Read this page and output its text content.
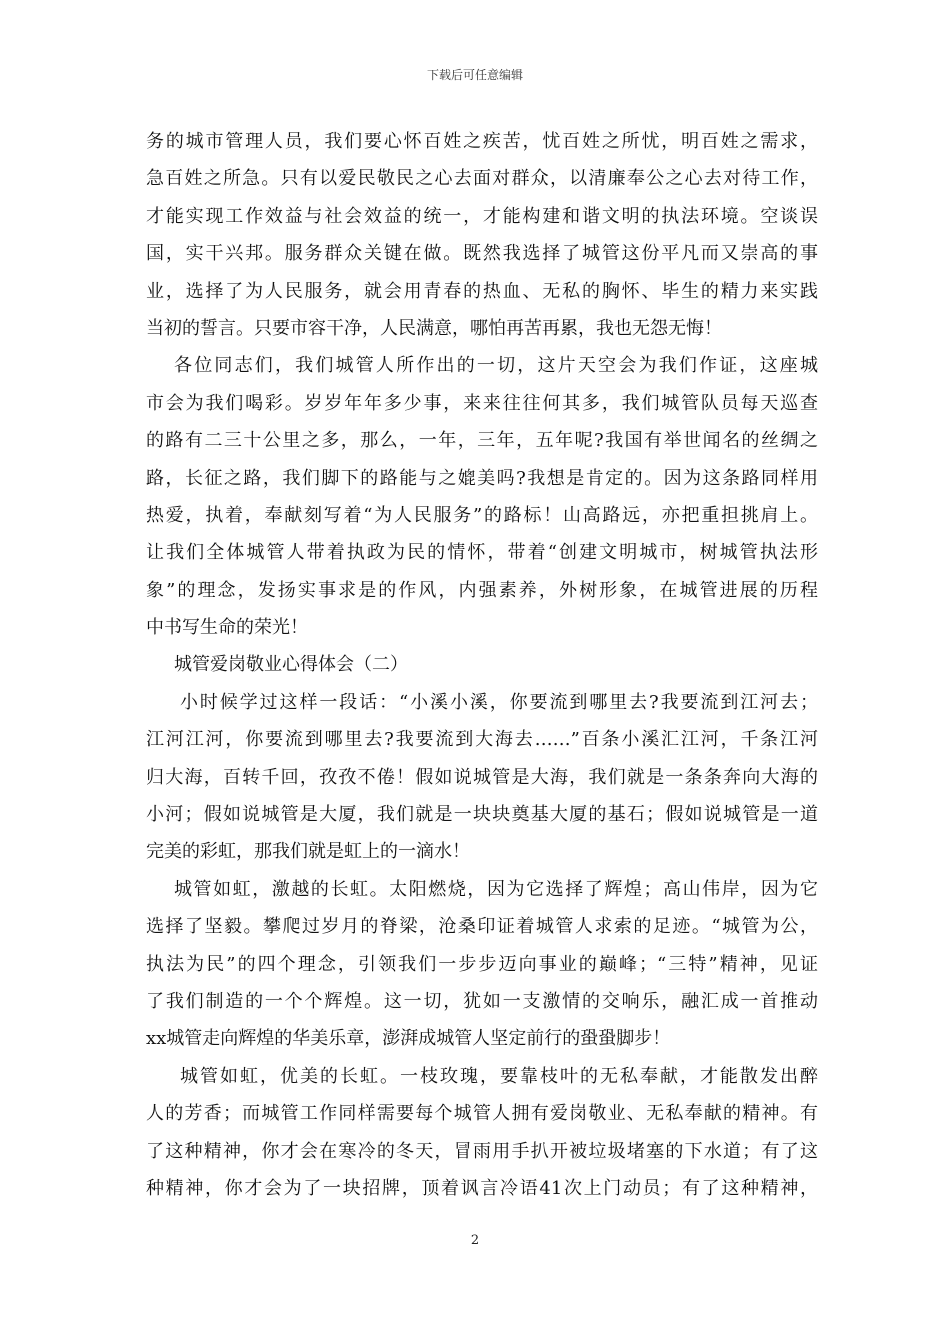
下载后可任意编辑
务的城市管理人员，我们要心怀百姓之疾苦，忧百姓之所忧，明百姓之需求，
急百姓之所急。只有以爱民敬民之心去面对群众，以清廉奉公之心去对待工作，
才能实现工作效益与社会效益的统一，才能构建和谐文明的执法环境。空谈误
国，实干兴邦。服务群众关键在做。既然我选择了城管这份平凡而又崇高的事
业，选择了为人民服务，就会用青春的热血、无私的胸怀、毕生的精力来实践
当初的誓言。只要市容干净，人民满意，哪怕再苦再累，我也无怨无悔！
各位同志们，我们城管人所作出的一切，这片天空会为我们作证，这座城
市会为我们喝彩。岁岁年年多少事，来来往往何其多，我们城管队员每天巡查
的路有二三十公里之多，那么，一年，三年，五年呢?我国有举世闻名的丝绸之
路，长征之路，我们脚下的路能与之媲美吗?我想是肯定的。因为这条路同样用
热爱，执着，奉献刻写着“为人民服务”的路标！山高路远，亦把重担挑肩上。
让我们全体城管人带着执政为民的情怀，带着“创建文明城市，树城管执法形
象”的理念，发扬实事求是的作风，内强素养，外树形象，在城管进展的历程
中书写生命的荣光！
城管爱岗敬业心得体会（二）
小时候学过这样一段话：“小溪小溪，你要流到哪里去?我要流到江河去；
江河江河，你要流到哪里去?我要流到大海去……”百条小溪汇江河，千条江河
归大海，百转千回，孜孜不倦！假如说城管是大海，我们就是一条条奔向大海的
小河；假如说城管是大厦，我们就是一块块奠基大厦的基石；假如说城管是一道
完美的彩虹，那我们就是虹上的一滴水！
城管如虹，激越的长虹。太阳燃烧，因为它选择了辉煌；高山伟岸，因为它
选择了坚毅。攀爬过岁月的脊梁，沧桑印证着城管人求索的足迹。“城管为公，
执法为民”的四个理念，引领我们一步步迈向事业的巅峰；“三特”精神，见证
了我们制造的一个个辉煌。这一切，犹如一支激情的交响乐，融汇成一首推动
xx城管走向辉煌的华美乐章，澎湃成城管人坚定前行的蛩蛩脚步！
城管如虹，优美的长虹。一枝玫瑰，要靠枝叶的无私奉献，才能散发出醉
人的芳香；而城管工作同样需要每个城管人拥有爱岗敬业、无私奉献的精神。有
了这种精神，你才会在寒冷的冬天，冒雨用手扒开被垃圾堵塞的下水道；有了这
种精神，你才会为了一块招牌，顶着讽言冷语41次上门动员；有了这种精神，
2
